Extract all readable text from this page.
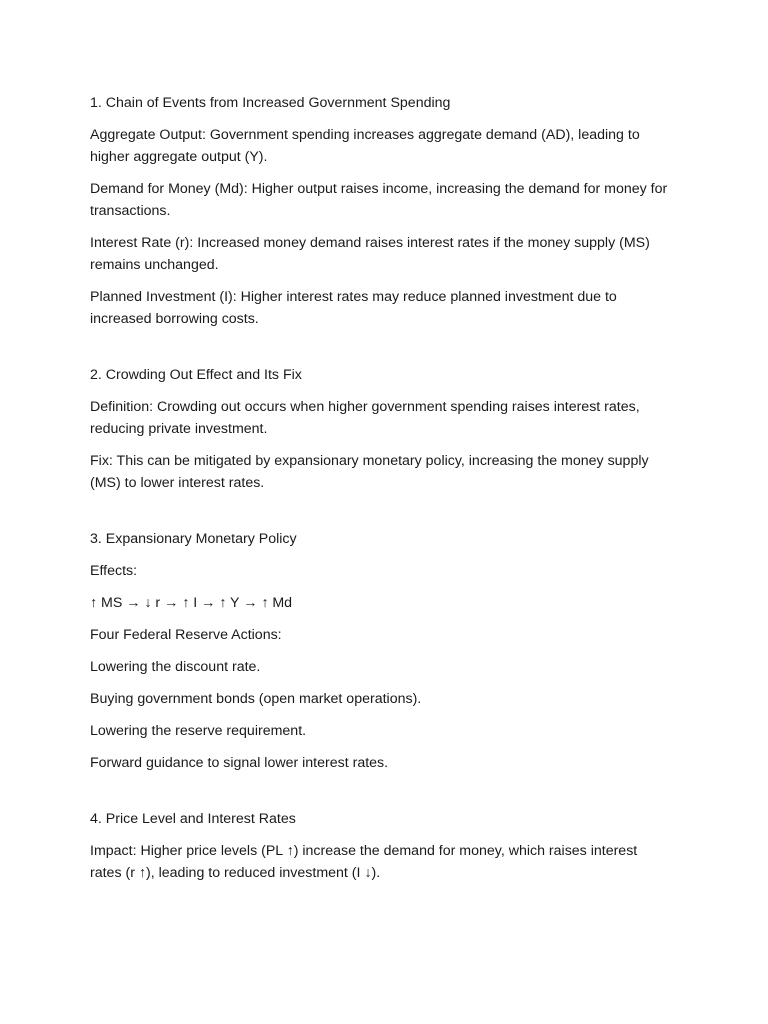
1. Chain of Events from Increased Government Spending

Aggregate Output: Government spending increases aggregate demand (AD), leading to higher aggregate output (Y).

Demand for Money (Md): Higher output raises income, increasing the demand for money for transactions.

Interest Rate (r): Increased money demand raises interest rates if the money supply (MS) remains unchanged.

Planned Investment (I): Higher interest rates may reduce planned investment due to increased borrowing costs.

2. Crowding Out Effect and Its Fix

Definition: Crowding out occurs when higher government spending raises interest rates, reducing private investment.

Fix: This can be mitigated by expansionary monetary policy, increasing the money supply (MS) to lower interest rates.

3. Expansionary Monetary Policy

Effects:

↑ MS → ↓ r → ↑ I → ↑ Y → ↑ Md

Four Federal Reserve Actions:

Lowering the discount rate.

Buying government bonds (open market operations).

Lowering the reserve requirement.

Forward guidance to signal lower interest rates.

4. Price Level and Interest Rates

Impact: Higher price levels (PL ↑) increase the demand for money, which raises interest rates (r ↑), leading to reduced investment (I ↓).
